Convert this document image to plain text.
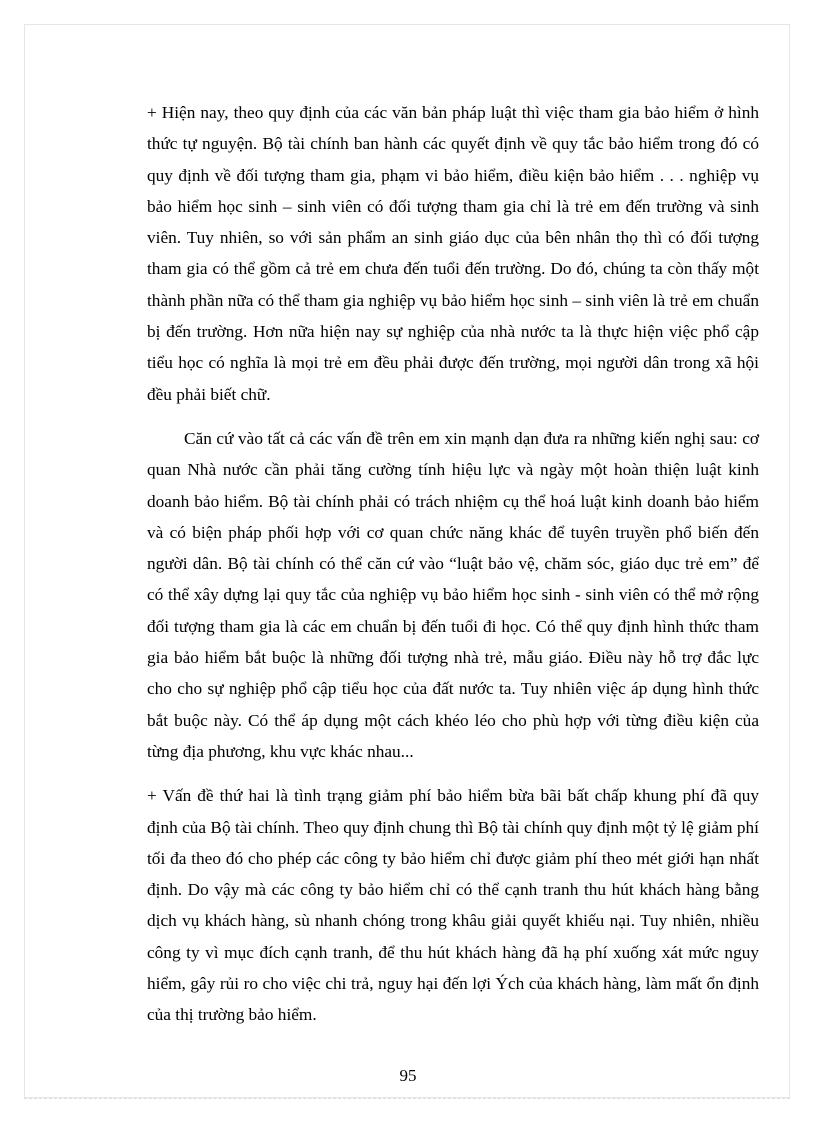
+ Hiện nay, theo quy định của các văn bản pháp luật thì việc tham gia bảo hiểm ở hình thức tự nguyện. Bộ tài chính ban hành các quyết định về quy tắc bảo hiểm trong đó có quy định về đối tượng tham gia, phạm vi bảo hiểm, điều kiện bảo hiểm . . . nghiệp vụ bảo hiểm học sinh – sinh viên có đối tượng tham gia chỉ là trẻ em đến trường và sinh viên. Tuy nhiên, so với sản phẩm an sinh giáo dục của bên nhân thọ thì có đối tượng tham gia có thể gồm cả trẻ em chưa đến tuổi đến trường. Do đó, chúng ta còn thấy một thành phần nữa có thể tham gia nghiệp vụ bảo hiểm học sinh – sinh viên là trẻ em chuẩn bị đến trường. Hơn nữa hiện nay sự nghiệp của nhà nước ta là thực hiện việc phổ cập tiểu học có nghĩa là mọi trẻ em đều phải được đến trường, mọi người dân trong xã hội đều phải biết chữ.

Căn cứ vào tất cả các vấn đề trên em xin mạnh dạn đưa ra những kiến nghị sau: cơ quan Nhà nước cần phải tăng cường tính hiệu lực và ngày một hoàn thiện luật kinh doanh bảo hiểm. Bộ tài chính phải có trách nhiệm cụ thể hoá luật kinh doanh bảo hiểm và có biện pháp phối hợp với cơ quan chức năng khác để tuyên truyền phổ biến đến người dân. Bộ tài chính có thể căn cứ vào “luật bảo vệ, chăm sóc, giáo dục trẻ em” để có thể xây dựng lại quy tắc của nghiệp vụ bảo hiểm học sinh - sinh viên có thể mở rộng đối tượng tham gia là các em chuẩn bị đến tuổi đi học. Có thể quy định hình thức tham gia bảo hiểm bắt buộc là những đối tượng nhà trẻ, mẫu giáo. Điều này hỗ trợ đắc lực cho cho sự nghiệp phổ cập tiểu học của đất nước ta. Tuy nhiên việc áp dụng hình thức bắt buộc này. Có thể áp dụng một cách khéo léo cho phù hợp với từng điều kiện của từng địa phương, khu vực khác nhau...

+ Vấn đề thứ hai là tình trạng giảm phí bảo hiểm bừa bãi bất chấp khung phí đã quy định của Bộ tài chính. Theo quy định chung thì Bộ tài chính quy định một tỷ lệ giảm phí tối đa theo đó cho phép các công ty bảo hiểm chỉ được giảm phí theo mét giới hạn nhất định. Do vậy mà các công ty bảo hiểm chỉ có thể cạnh tranh thu hút khách hàng bằng dịch vụ khách hàng, sù nhanh chóng trong khâu giải quyết khiếu nại. Tuy nhiên, nhiều công ty vì mục đích cạnh tranh, để thu hút khách hàng đã hạ phí xuống xát mức nguy hiểm, gây rủi ro cho việc chi trả, nguy hại đến lợi Ých của khách hàng, làm mất ổn định của thị trường bảo hiểm.

95
